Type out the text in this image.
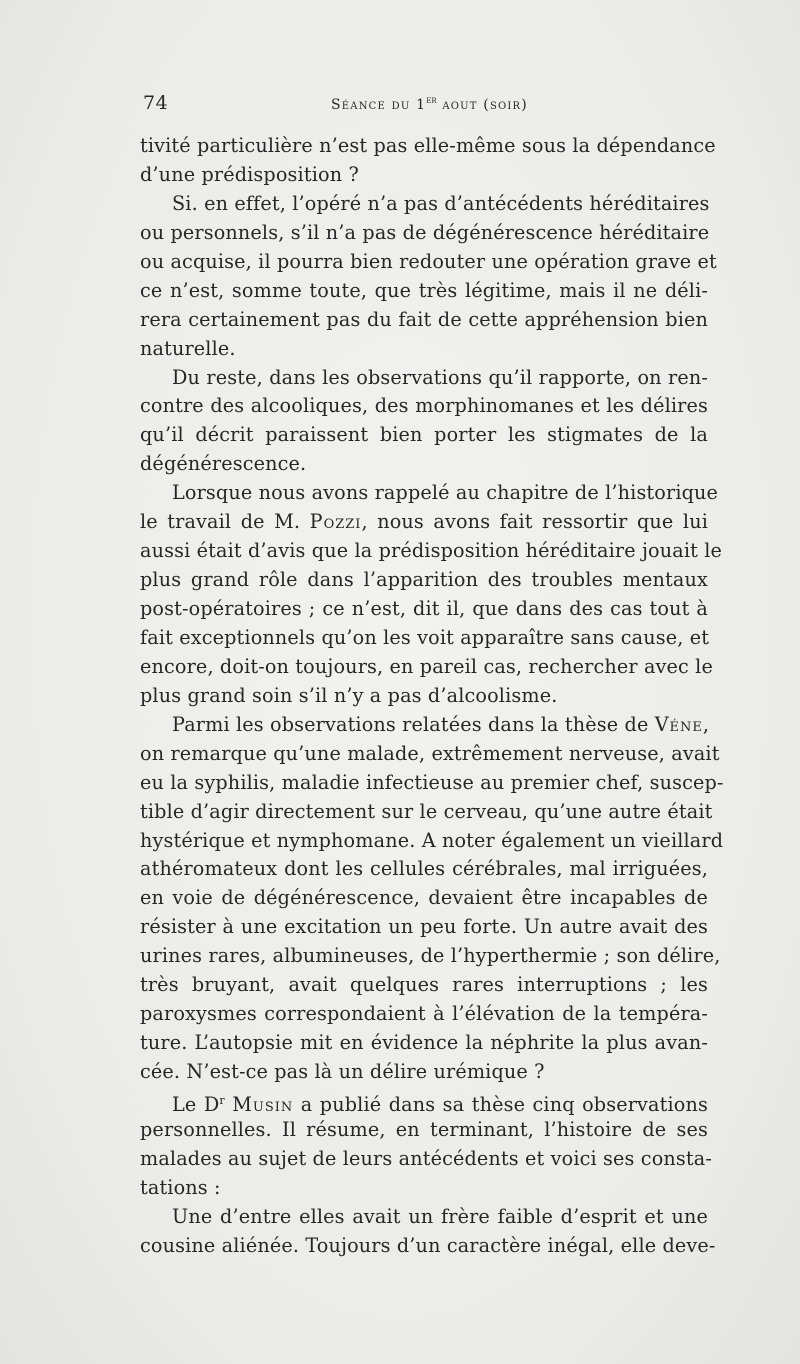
74	Séance du 1er aout (soir)
tivité particulière n’est pas elle-même sous la dépendance
d’une prédisposition ?
Si. en effet, l’opéré n’a pas d’antécédents héréditaires
ou personnels, s’il n’a pas de dégénérescence héréditaire
ou acquise, il pourra bien redouter une opération grave et
ce n’est, somme toute, que très légitime, mais il ne déli-
rera certainement pas du fait de cette appréhension bien
naturelle.
Du reste, dans les observations qu’il rapporte, on ren-
contre des alcooliques, des morphinomanes et les délires
qu’il décrit paraissent bien porter les stigmates de la
dégénérescence.
Lorsque nous avons rappelé au chapitre de l’historique
le travail de M. Pozzi, nous avons fait ressortir que lui
aussi était d’avis que la prédisposition héréditaire jouait le
plus grand rôle dans l’apparition des troubles mentaux
post-opératoires ; ce n’est, dit il, que dans des cas tout à
fait exceptionnels qu’on les voit apparaître sans cause, et
encore, doit-on toujours, en pareil cas, rechercher avec le
plus grand soin s’il n’y a pas d’alcoolisme.
Parmi les observations relatées dans la thèse de Véne,
on remarque qu’une malade, extrêmement nerveuse, avait
eu la syphilis, maladie infectieuse au premier chef, suscep-
tible d’agir directement sur le cerveau, qu’une autre était
hystérique et nymphomane. A noter également un vieillard
athéromateux dont les cellules cérébrales, mal irriguées,
en voie de dégénérescence, devaient être incapables de
résister à une excitation un peu forte. Un autre avait des
urines rares, albumineuses, de l’hyperthermie ; son délire,
très bruyant, avait quelques rares interruptions ; les
paroxysmes correspondaient à l’élévation de la tempéra-
ture. L’autopsie mit en évidence la néphrite la plus avan-
cée. N’est-ce pas là un délire urémique ?
Le $D^r$ Musin a publié dans sa thèse cinq observations
personnelles. Il résume, en terminant, l’histoire de ses
malades au sujet de leurs antécédents et voici ses consta-
tations :
Une d’entre elles avait un frère faible d’esprit et une
cousine aliénée. Toujours d’un caractère inégal, elle deve-
